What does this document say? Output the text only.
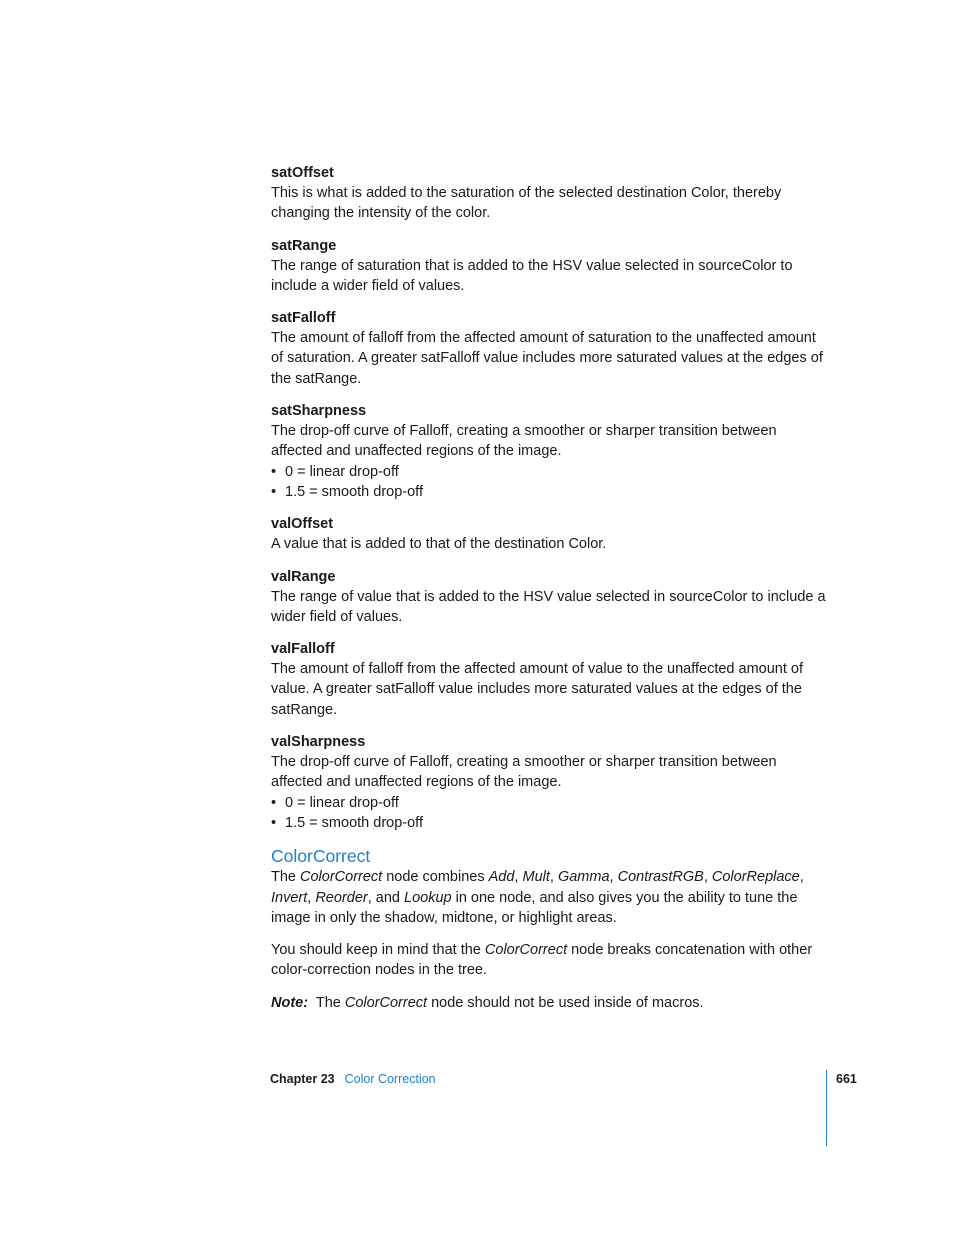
satOffset

This is what is added to the saturation of the selected destination Color, thereby changing the intensity of the color.

satRange

The range of saturation that is added to the HSV value selected in sourceColor to include a wider field of values.

satFalloff

The amount of falloff from the affected amount of saturation to the unaffected amount of saturation. A greater satFalloff value includes more saturated values at the edges of the satRange.

satSharpness

The drop-off curve of Falloff, creating a smoother or sharper transition between affected and unaffected regions of the image.

• 0 = linear drop-off
• 1.5 = smooth drop-off

valOffset

A value that is added to that of the destination Color.

valRange

The range of value that is added to the HSV value selected in sourceColor to include a wider field of values.

valFalloff

The amount of falloff from the affected amount of value to the unaffected amount of value. A greater satFalloff value includes more saturated values at the edges of the satRange.

valSharpness

The drop-off curve of Falloff, creating a smoother or sharper transition between affected and unaffected regions of the image.

• 0 = linear drop-off
• 1.5 = smooth drop-off
ColorCorrect

The ColorCorrect node combines Add, Mult, Gamma, ContrastRGB, ColorReplace, Invert, Reorder, and Lookup in one node, and also gives you the ability to tune the image in only the shadow, midtone, or highlight areas.

You should keep in mind that the ColorCorrect node breaks concatenation with other color-correction nodes in the tree.

Note:  The ColorCorrect node should not be used inside of macros.

Chapter 23 Color Correction	661
